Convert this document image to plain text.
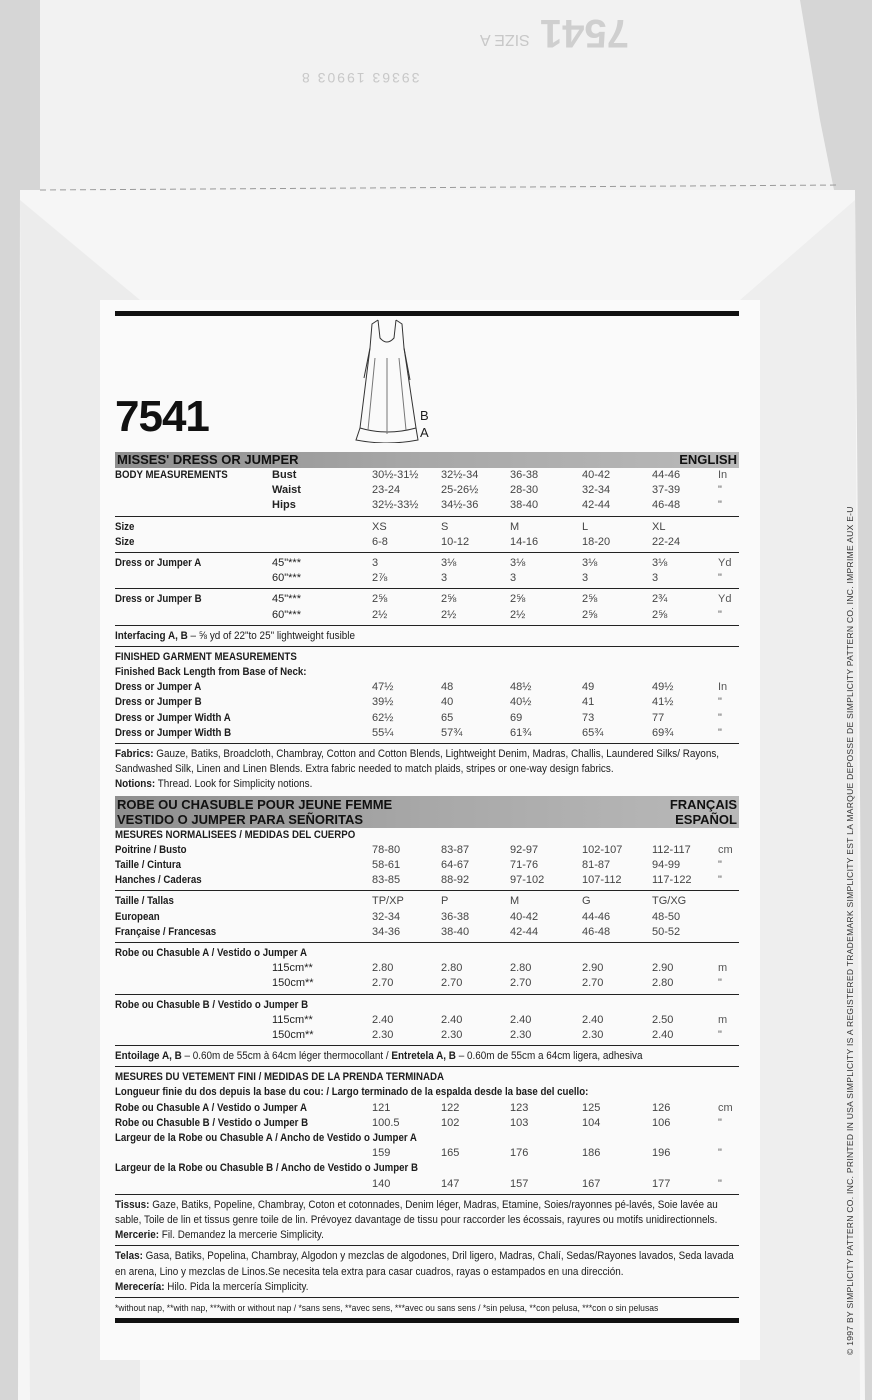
7541
SIZE A
39363 19903 8
7541	B
A
MISSES' DRESS OR JUMPER	ENGLISH
BODY MEASUREMENTS	Bust	30½-31½ 32½-34	36-38	40-42	44-46	In
Waist	23-24	25-26½	28-30	32-34	37-39	"
Hips	32½-33½ 34½-36	38-40	42-44	46-48	"
Size	XS	S	M	L	XL
Size	6-8	10-12	14-16	18-20	22-24
Dress or Jumper A	45"***	3	3⅛	3⅛	3⅛	3⅛	Yd
60"***	2⅞	3	3	3	3	"
Dress or Jumper B	45"***	2⅝	2⅝	2⅝	2⅝	2¾	Yd
60"***	2½	2½	2½	2⅝	2⅝	"
Interfacing A, B – ⅝ yd of 22"to 25" lightweight fusible
FINISHED GARMENT MEASUREMENTS
Finished Back Length from Base of Neck:
Dress or Jumper A	47½	48	48½	49	49½	In
Dress or Jumper B	39½	40	40½	41	41½	"
Dress or Jumper Width A	62½	65	69	73	77	"
Dress or Jumper Width B	55¼	57¾	61¾	65¾	69¾	"
Fabrics: Gauze, Batiks, Broadcloth, Chambray, Cotton and Cotton Blends, Lightweight Denim, Madras, Challis, Laundered Silks/ Rayons, Sandwashed Silk, Linen and Linen Blends. Extra fabric needed to match plaids, stripes or one-way design fabrics.
Notions: Thread. Look for Simplicity notions.
ROBE OU CHASUBLE POUR JEUNE FEMME
VESTIDO O JUMPER PARA SEÑORITAS
FRANÇAIS
ESPAÑOL
MESURES NORMALISEES / MEDIDAS DEL CUERPO
Poitrine / Busto	78-80	83-87	92-97	102-107	112-117 cm
Taille / Cintura	58-61	64-67	71-76	81-87	94-99	"
Hanches / Caderas	83-85	88-92	97-102	107-112	117-122 "
Taille / Tallas	TP/XP	P	M	G	TG/XG
European	32-34	36-38	40-42	44-46	48-50
Française / Francesas	34-36	38-40	42-44	46-48	50-52
Robe ou Chasuble A / Vestido o Jumper A
115cm**	2.80	2.80	2.80	2.90	2.90	m
150cm**	2.70	2.70	2.70	2.70	2.80	"
Robe ou Chasuble B / Vestido o Jumper B
115cm**	2.40	2.40	2.40	2.40	2.50	m
150cm**	2.30	2.30	2.30	2.30	2.40	"
Entoilage A, B – 0.60m de 55cm à 64cm léger thermocollant / Entretela A, B – 0.60m de 55cm a 64cm ligera, adhesiva
MESURES DU VETEMENT FINI / MEDIDAS DE LA PRENDA TERMINADA
Longueur finie du dos depuis la base du cou: / Largo terminado de la espalda desde la base del cuello:
Robe ou Chasuble A / Vestido o Jumper A	121	122	123	125	126	cm
Robe ou Chasuble B / Vestido o Jumper B	100.5	102	103	104	106	"
Largeur de la Robe ou Chasuble A / Ancho de Vestido o Jumper A
159	165	176	186	196	"
Largeur de la Robe ou Chasuble B / Ancho de Vestido o Jumper B
140	147	157	167	177	"
Tissus: Gaze, Batiks, Popeline, Chambray, Coton et cotonnades, Denim léger, Madras, Etamine, Soies/rayonnes pé-lavés, Soie lavée au sable, Toile de lin et tissus genre toile de lin. Prévoyez davantage de tissu pour raccorder les écossais, rayures ou motifs unidirectionnels.
Mercerie: Fil. Demandez la mercerie Simplicity.
Telas: Gasa, Batiks, Popelina, Chambray, Algodon y mezclas de algodones, Dril ligero, Madras, Chalí, Sedas/Rayones lavados, Seda lavada en arena, Lino y mezclas de Linos.Se necesita tela extra para casar cuadros, rayas o estampados en una dirección.
Merecería: Hilo. Pida la mercería Simplicity.
*without nap, **with nap, ***with or without nap / *sans sens, **avec sens, ***avec ou sans sens / *sin pelusa, **con pelusa, ***con o sin pelusas	© 1997 BY SIMPLICITY PATTERN CO. INC. PRINTED IN USA SIMPLICITY IS A REGISTERED TRADEMARK SIMPLICITY EST LA MARQUE DEPOSSE DE SIMPLICITY PATTERN CO. INC. IMPRIME AUX E-U
